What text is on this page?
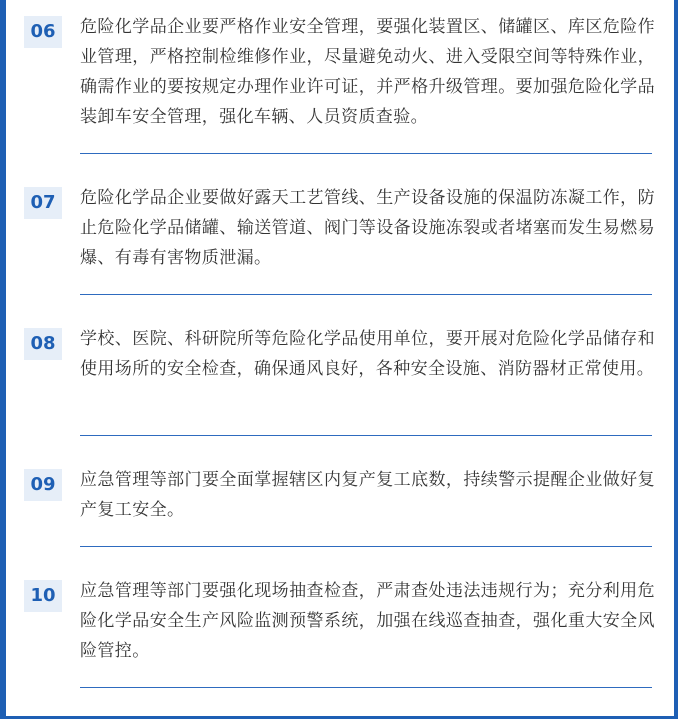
06	危险化学品企业要严格作业安全管理，要强化装置区、储罐区、库区危险作业管理，严格控制检维修作业，尽量避免动火、进入受限空间等特殊作业，确需作业的要按规定办理作业许可证，并严格升级管理。要加强危险化学品装卸车安全管理，强化车辆、人员资质查验。
07	危险化学品企业要做好露天工艺管线、生产设备设施的保温防冻凝工作，防止危险化学品储罐、输送管道、阀门等设备设施冻裂或者堵塞而发生易燃易爆、有毒有害物质泄漏。
08	学校、医院、科研院所等危险化学品使用单位，要开展对危险化学品储存和使用场所的安全检查，确保通风良好，各种安全设施、消防器材正常使用。
09	应急管理等部门要全面掌握辖区内复产复工底数，持续警示提醒企业做好复产复工安全。
10	应急管理等部门要强化现场抽查检查，严肃查处违法违规行为；充分利用危险化学品安全生产风险监测预警系统，加强在线巡查抽查，强化重大安全风险管控。
